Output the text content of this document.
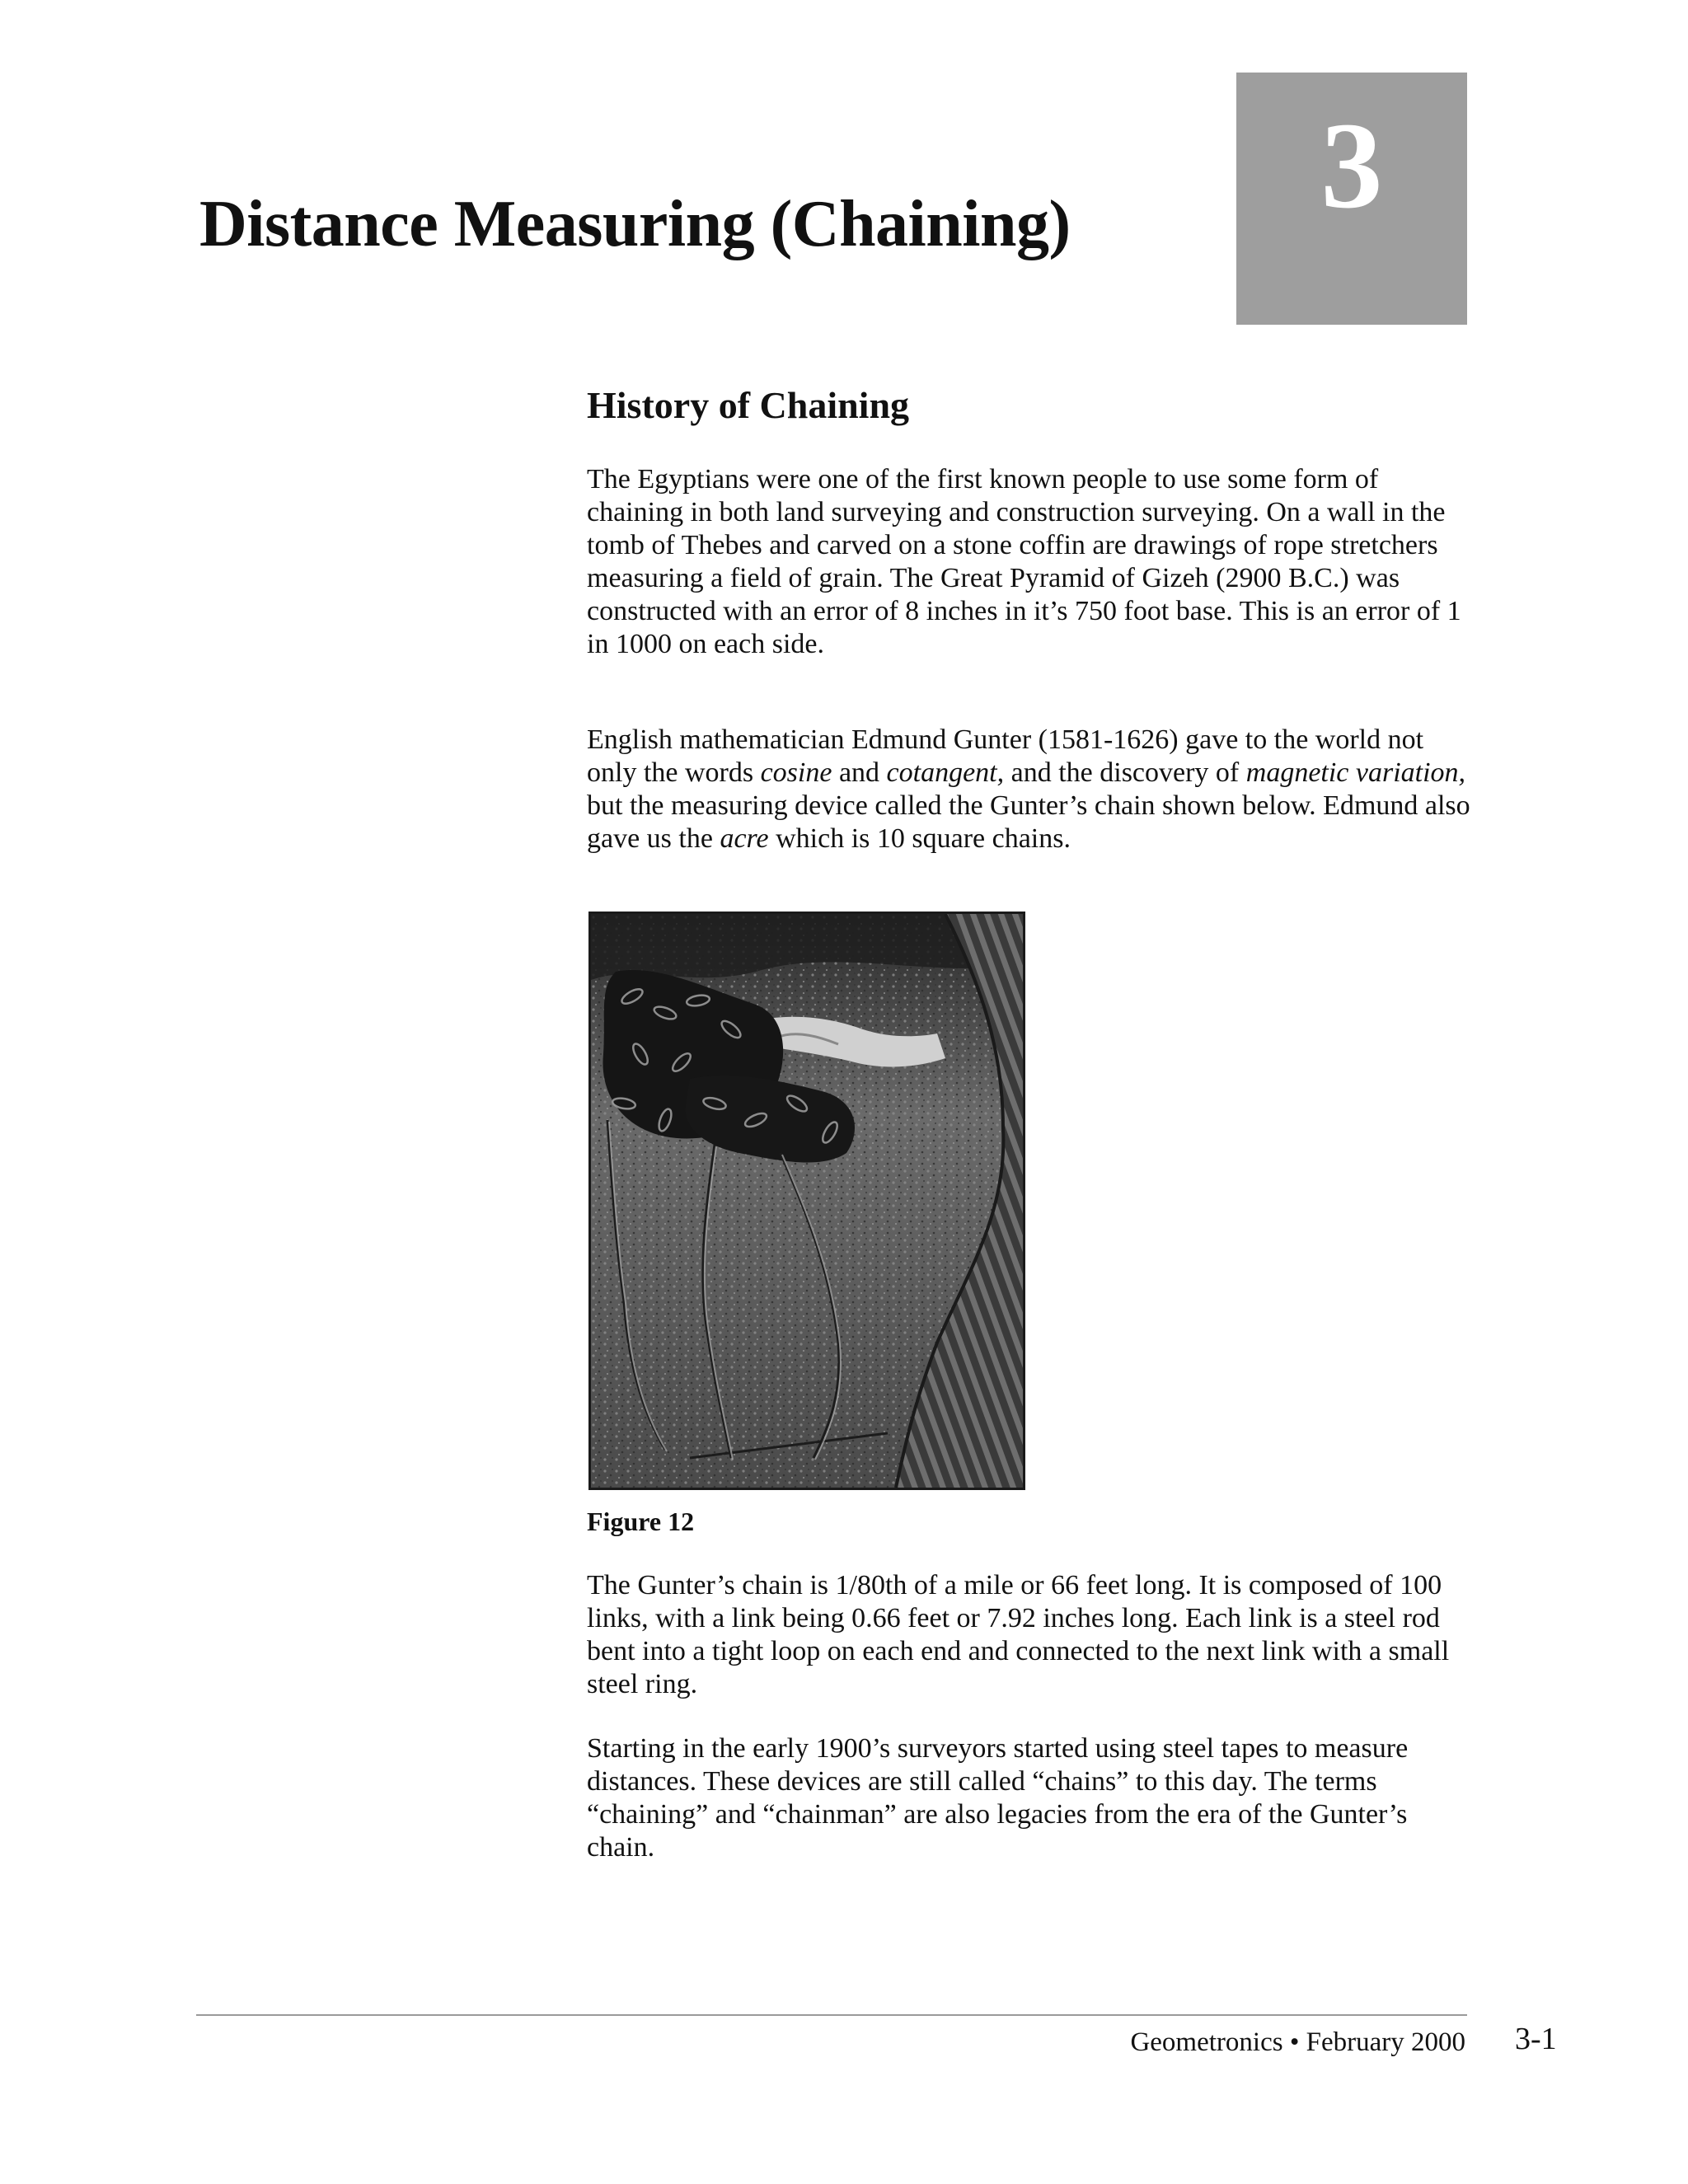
Distance Measuring (Chaining) 3
History of Chaining

The Egyptians were one of the first known people to use some form of chaining in both land surveying and construction surveying. On a wall in the tomb of Thebes and carved on a stone coffin are drawings of rope stretchers measuring a field of grain. The Great Pyramid of Gizeh (2900 B.C.) was constructed with an error of 8 inches in it’s 750 foot base. This is an error of 1 in 1000 on each side.

English mathematician Edmund Gunter (1581-1626) gave to the world not only the words cosine and cotangent, and the discovery of magnetic variation, but the measuring device called the Gunter’s chain shown below. Edmund also gave us the acre which is 10 square chains.

The Gunter’s chain is 1/80th of a mile or 66 feet long. It is composed of 100 links, with a link being 0.66 feet or 7.92 inches long. Each link is a steel rod bent into a tight loop on each end and connected to the next link with a small steel ring.

Starting in the early 1900’s surveyors started using steel tapes to measure distances. These devices are still called “chains” to this day. The terms “chaining” and “chainman” are also legacies from the era of the Gunter’s chain.

Figure 12

Geometronics • February 2000 3-1
